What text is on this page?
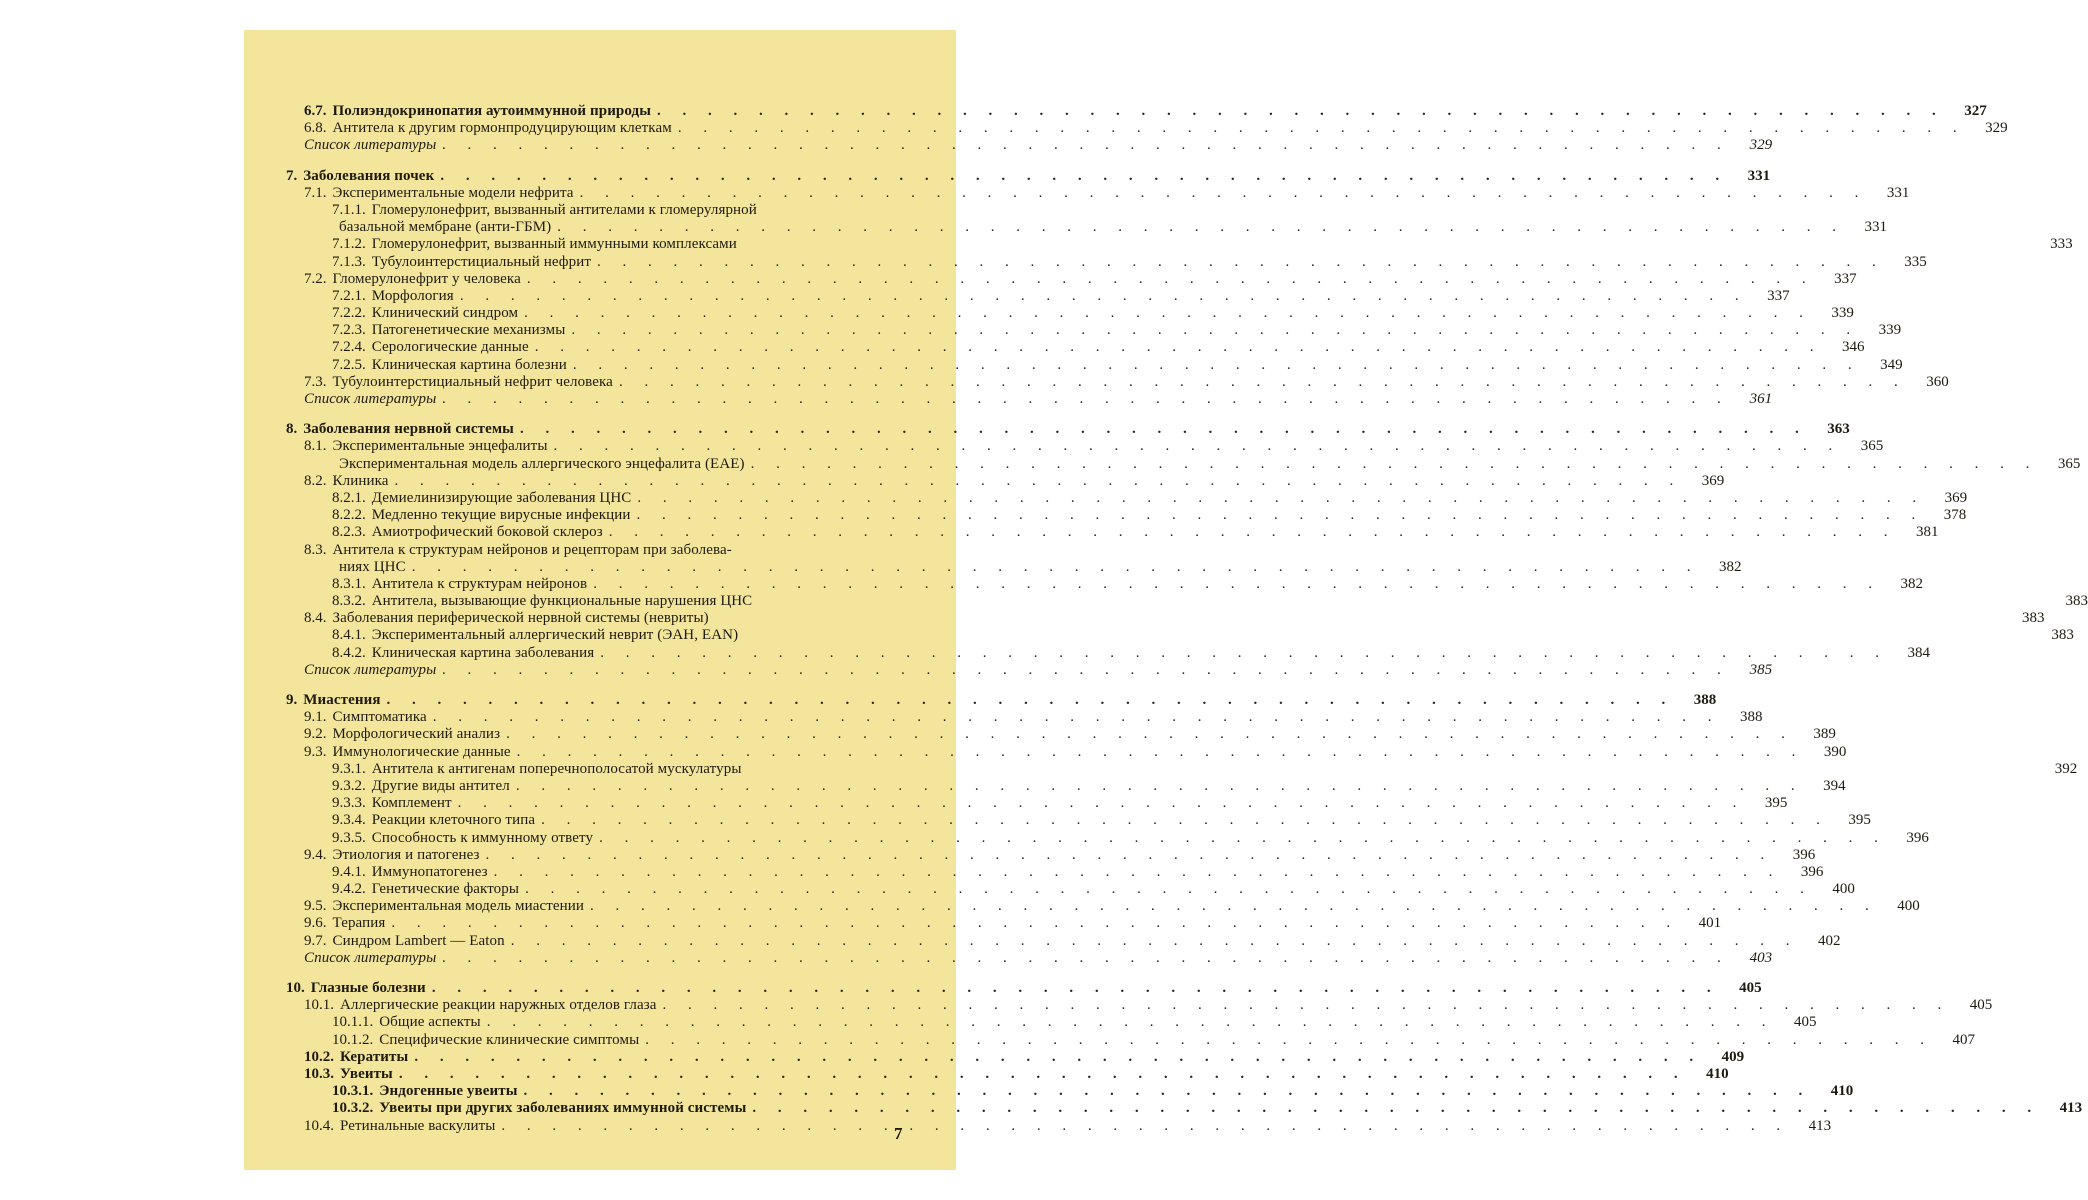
6.7. Полиэндокринопатия аутоиммунной природы . . .	327
6.8. Антитела к другим гормонпродуцирующим клеткам . . .	329
Список литературы . . .	329
7. Заболевания почек . . .	331
7.1. Экспериментальные модели нефрита . . .	331
7.1.1. Гломерулонефрит, вызванный антителами к гломерулярной
базальной мембране (анти-ГБМ) . . .	331
7.1.2. Гломерулонефрит, вызванный иммунными комплексами	333
7.1.3. Тубулоинтерстициальный нефрит . . .	335
7.2. Гломерулонефрит у человека . . .	337
7.2.1. Морфология . . .	337
7.2.2. Клинический синдром . . .	339
7.2.3. Патогенетические механизмы . . .	339
7.2.4. Серологические данные . . .	346
7.2.5. Клиническая картина болезни . . .	349
7.3. Тубулоинтерстициальный нефрит человека . . .	360
Список литературы . . .	361
8. Заболевания нервной системы . . .	363
8.1. Экспериментальные энцефалиты . . .	365
Экспериментальная модель аллергического энцефалита (EAE) . . .	365
8.2. Клиника . . .	369
8.2.1. Демиелинизирующие заболевания ЦНС . . .	369
8.2.2. Медленно текущие вирусные инфекции . . .	378
8.2.3. Амиотрофический боковой склероз . . .	381
8.3. Антитела к структурам нейронов и рецепторам при заболева-
ниях ЦНС . . .	382
8.3.1. Антитела к структурам нейронов . . .	382
8.3.2. Антитела, вызывающие функциональные нарушения ЦНС	383
8.4. Заболевания периферической нервной системы (невриты)	383
8.4.1. Экспериментальный аллергический неврит (ЭАН, EAN)	383
8.4.2. Клиническая картина заболевания . . .	384
Список литературы . . .	385
9. Миастения . . .	388
9.1. Симптоматика . . .	388
9.2. Морфологический анализ . . .	389
9.3. Иммунологические данные . . .	390
9.3.1. Антитела к антигенам поперечнополосатой мускулатуры	392
9.3.2. Другие виды антител . . .	394
9.3.3. Комплемент . . .	395
9.3.4. Реакции клеточного типа . . .	395
9.3.5. Способность к иммунному ответу . . .	396
9.4. Этиология и патогенез . . .	396
9.4.1. Иммунопатогенез . . .	396
9.4.2. Генетические факторы . . .	400
9.5. Экспериментальная модель миастении . . .	400
9.6. Терапия . . .	401
9.7. Синдром Lambert — Eaton . . .	402
Список литературы . . .	403
10. Глазные болезни . . .	405
10.1. Аллергические реакции наружных отделов глаза . . .	405
10.1.1. Общие аспекты . . .	405
10.1.2. Специфические клинические симптомы . . .	407
10.2. Кератиты . . .	409
10.3. Увеиты . . .	410
10.3.1. Эндогенные увеиты . . .	410
10.3.2. Увеиты при других заболеваниях иммунной системы . . .	413
10.4. Ретинальные васкулиты . . .	413
7
